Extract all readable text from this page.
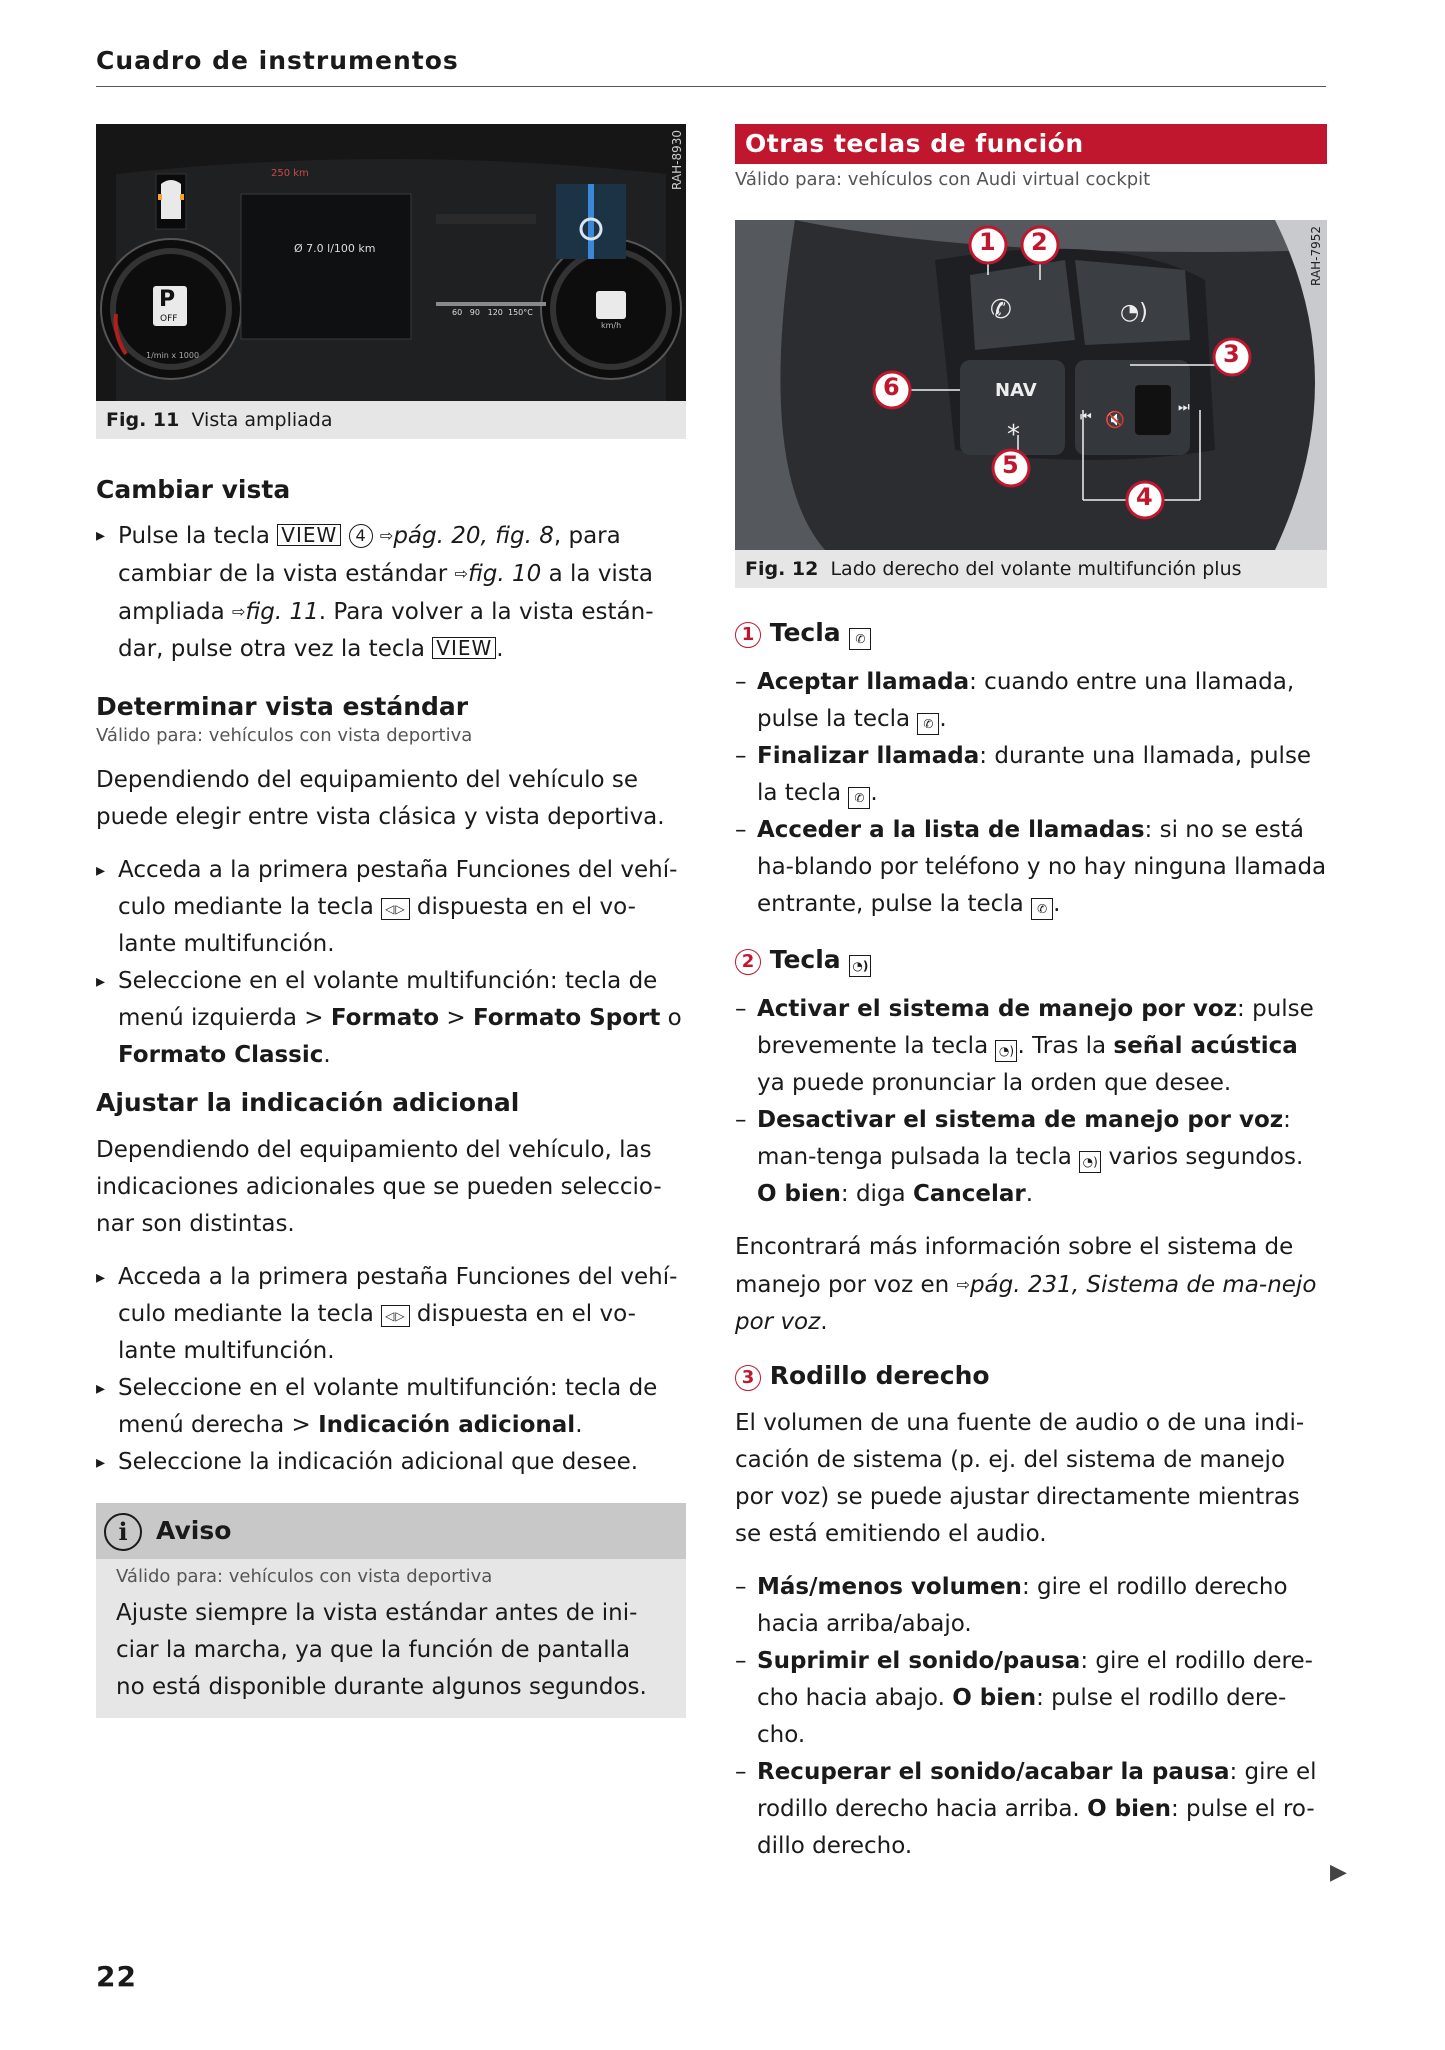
Cuadro de instrumentos
250 km
Ø 7.0 l/100 km
P
OFF
1/min x 1000
60   90   120  150°C
km/h
RAH-8930
Fig. 11 Vista ampliada
Cambiar vista
▸ Pulse la tecla VIEW 4 ⇨pág. 20, fig. 8, para cambiar de la vista estándar ⇨fig. 10 a la vista ampliada ⇨fig. 11. Para volver a la vista están-dar, pulse otra vez la tecla VIEW .
Determinar vista estándar
Válido para: vehículos con vista deportiva

Dependiendo del equipamiento del vehículo se puede elegir entre vista clásica y vista deportiva.

▸ Acceda a la primera pestaña Funciones del vehí-culo mediante la tecla ◁▷ dispuesta en el vo-lante multifunción.
▸ Seleccione en el volante multifunción: tecla de menú izquierda > Formato > Formato Sport o Formato Classic.
Ajustar la indicación adicional

Dependiendo del equipamiento del vehículo, las indicaciones adicionales que se pueden seleccio-nar son distintas.

▸ Acceda a la primera pestaña Funciones del vehí-culo mediante la tecla ◁▷ dispuesta en el vo-lante multifunción.
▸ Seleccione en el volante multifunción: tecla de menú derecha > Indicación adicional.
▸ Seleccione la indicación adicional que desee.
i Aviso
Válido para: vehículos con vista deportiva

Ajuste siempre la vista estándar antes de ini-ciar la marcha, ya que la función de pantalla no está disponible durante algunos segundos.

Otras teclas de función
Válido para: vehículos con Audi virtual cockpit
1 2
3
4
5
6
✆	◔)
NAV
*
⏮ 🔇
⏭
RAH-7952
Fig. 12 Lado derecho del volante multifunción plus
1 Tecla ✆
– Aceptar llamada: cuando entre una llamada, pulse la tecla ✆ .
– Finalizar llamada: durante una llamada, pulse la tecla ✆ .
– Acceder a la lista de llamadas: si no se está ha-blando por teléfono y no hay ninguna llamada entrante, pulse la tecla ✆ .
2 Tecla ◔)
– Activar el sistema de manejo por voz: pulse brevemente la tecla ◔) . Tras la señal acústica ya puede pronunciar la orden que desee.
– Desactivar el sistema de manejo por voz: man-tenga pulsada la tecla ◔) varios segundos. O bien: diga Cancelar.

Encontrará más información sobre el sistema de manejo por voz en ⇨pág. 231, Sistema de ma-nejo por voz.

3 Rodillo derecho

El volumen de una fuente de audio o de una indi-cación de sistema (p. ej. del sistema de manejo por voz) se puede ajustar directamente mientras se está emitiendo el audio.

– Más/menos volumen: gire el rodillo derecho hacia arriba/abajo.
– Suprimir el sonido/pausa: gire el rodillo dere-cho hacia abajo. O bien: pulse el rodillo dere-cho.
– Recuperar el sonido/acabar la pausa: gire el rodillo derecho hacia arriba. O bien: pulse el ro-dillo derecho.
▶
22
